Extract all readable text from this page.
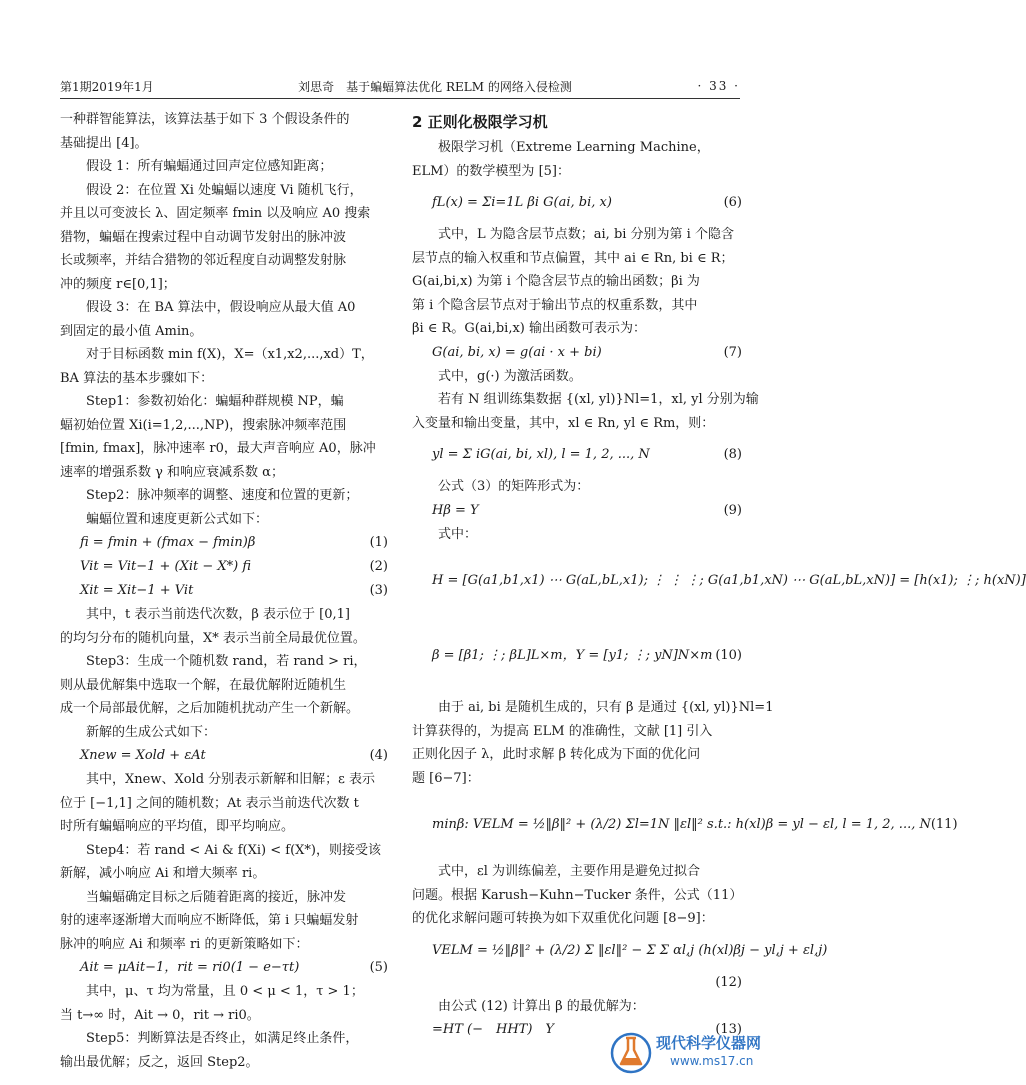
第1期2019年1月	刘思奇　基于蝙蝠算法优化 RELM 的网络入侵检测	· 33 ·
一种群智能算法，该算法基于如下 3 个假设条件的
基础提出 [4]。
假设 1：所有蝙蝠通过回声定位感知距离；
假设 2：在位置 Xi 处蝙蝠以速度 Vi 随机飞行，
并且以可变波长 λ、固定频率 fmin 以及响应 A0 搜索
猎物，蝙蝠在搜索过程中自动调节发射出的脉冲波
长或频率，并结合猎物的邻近程度自动调整发射脉
冲的频度 r∈[0,1]；
假设 3：在 BA 算法中，假设响应从最大值 A0
到固定的最小值 Amin。
对于目标函数 min f(X)，X=（x1,x2,...,xd）T，
BA 算法的基本步骤如下：
Step1：参数初始化：蝙蝠种群规模 NP，蝙
蝠初始位置 Xi(i=1,2,...,NP)，搜索脉冲频率范围
[fmin, fmax]，脉冲速率 r0，最大声音响应 A0，脉冲
速率的增强系数 γ 和响应衰减系数 α；
Step2：脉冲频率的调整、速度和位置的更新；
蝙蝠位置和速度更新公式如下：
fi = fmin + (fmax − fmin)β	(1)
Vit = Vit−1 + (Xit − X*) fi	(2)
Xit = Xit−1 + Vit	(3)
其中，t 表示当前迭代次数，β 表示位于 [0,1]
的均匀分布的随机向量，X* 表示当前全局最优位置。
Step3：生成一个随机数 rand，若 rand > ri，
则从最优解集中选取一个解，在最优解附近随机生
成一个局部最优解，之后加随机扰动产生一个新解。
新解的生成公式如下：
Xnew = Xold + εAt	(4)
其中，Xnew、Xold 分别表示新解和旧解；ε 表示
位于 [−1,1] 之间的随机数；At 表示当前迭代次数 t
时所有蝙蝠响应的平均值，即平均响应。
Step4：若 rand < Ai & f(Xi) < f(X*)，则接受该
新解，减小响应 Ai 和增大频率 ri。
当蝙蝠确定目标之后随着距离的接近，脉冲发
射的速率逐渐增大而响应不断降低，第 i 只蝙蝠发射
脉冲的响应 Ai 和频率 ri 的更新策略如下：
Ait = μAit−1，rit = ri0(1 − e−τt)	(5)
其中，μ、τ 均为常量，且 0 < μ < 1，τ > 1；
当 t→∞ 时，Ait → 0，rit → ri0。
Step5：判断算法是否终止，如满足终止条件，
输出最优解；反之，返回 Step2。
2 正则化极限学习机
极限学习机（Extreme Learning Machine，
ELM）的数学模型为 [5]：
fL(x) = Σi=1L βi G(ai, bi, x)	(6)
式中，L 为隐含层节点数；ai, bi 分别为第 i 个隐含
层节点的输入权重和节点偏置，其中 ai ∈ Rn, bi ∈ R；
G(ai,bi,x) 为第 i 个隐含层节点的输出函数；βi 为
第 i 个隐含层节点对于输出节点的权重系数，其中
βi ∈ R。G(ai,bi,x) 输出函数可表示为：
G(ai, bi, x) = g(ai · x + bi)	(7)
式中，g(·) 为激活函数。
若有 N 组训练集数据 {(xl, yl)}Nl=1，xl, yl 分别为输
入变量和输出变量，其中，xl ∈ Rn, yl ∈ Rm，则：
yl = Σ iG(ai, bi, xl), l = 1, 2, ..., N	(8)
公式（3）的矩阵形式为：
Hβ = Y	(9)
式中：
H = [G(a1,b1,x1) ⋯ G(aL,bL,x1); ⋮ ⋮ ⋮; G(a1,b1,xN) ⋯ G(aL,bL,xN)] = [h(x1); ⋮; h(xN)]
β = [β1; ⋮; βL]L×m，Y = [y1; ⋮; yN]N×m (10)
由于 ai, bi 是随机生成的，只有 β 是通过 {(xl, yl)}Nl=1
计算获得的，为提高 ELM 的准确性，文献 [1] 引入
正则化因子 λ，此时求解 β 转化成为下面的优化问
题 [6−7]：
minβ: VELM = ½‖β‖² + (λ/2) Σl=1N ‖εl‖² s.t.: h(xl)β = yl − εl, l = 1, 2, ..., N (11)
式中，εl 为训练偏差，主要作用是避免过拟合
问题。根据 Karush−Kuhn−Tucker 条件，公式（11）
的优化求解问题可转换为如下双重优化问题 [8−9]：
VELM = ½‖β‖² + (λ/2) Σ ‖εl‖² − Σ Σ αl,j (h(xl)βj − yl,j + εl,j)
(12)
由公式 (12) 计算出 β 的最优解为：
=HT (−　HHT)　Y	(13)
现代科学仪器网
www.ms17.cn
